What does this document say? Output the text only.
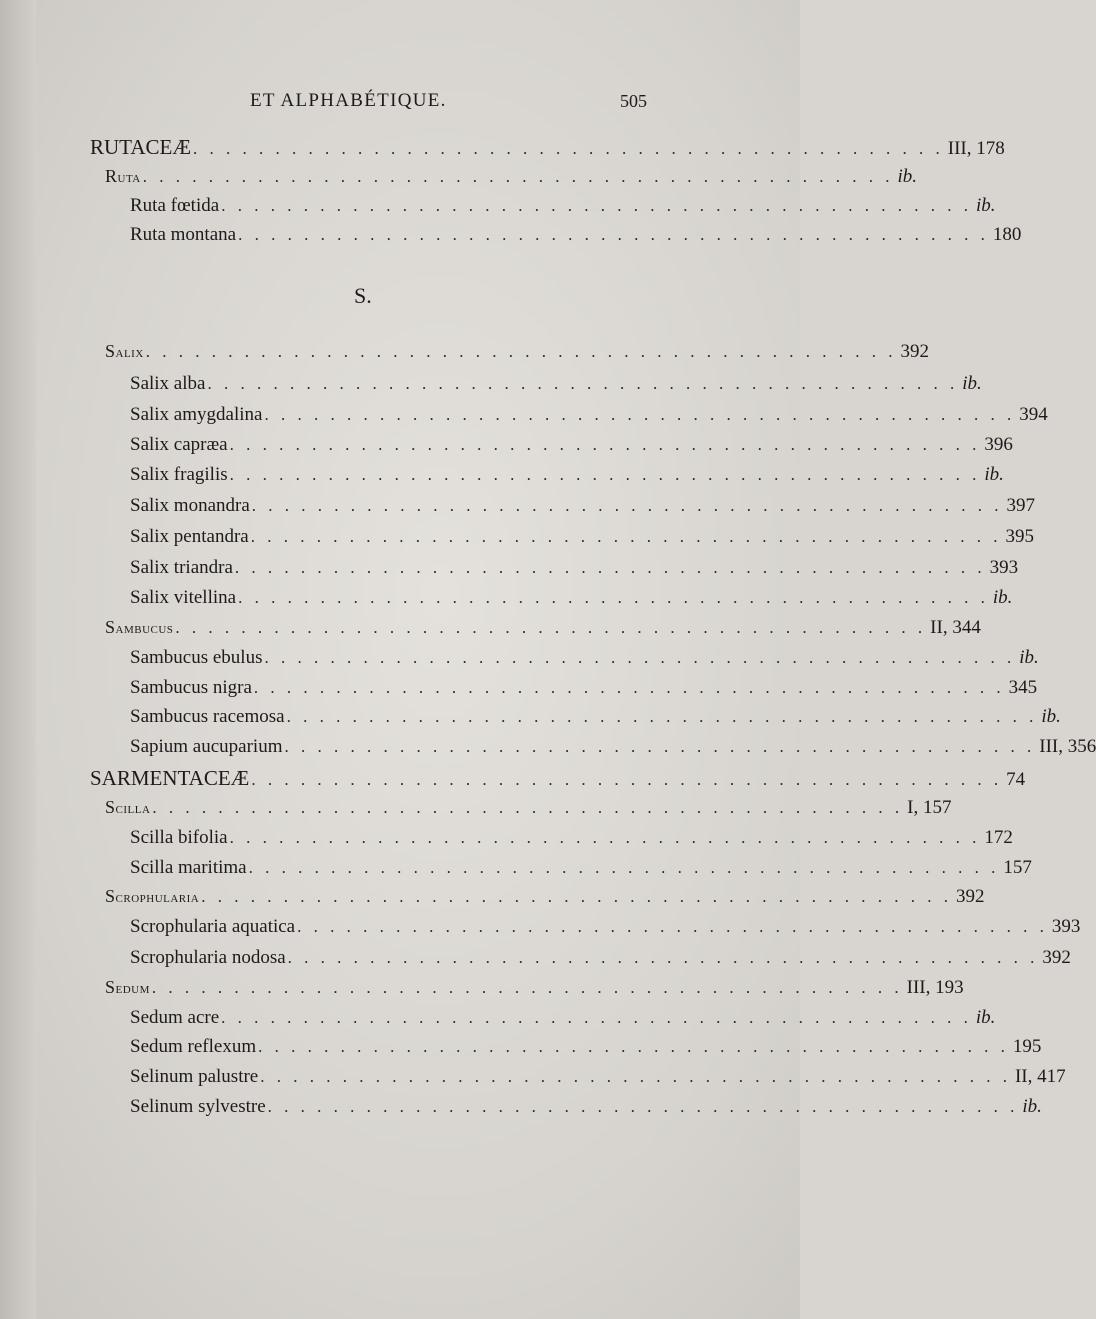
ET ALPHABÉTIQUE.	505
S.
RUTACEÆ . . . . . . . . . . . . . . . . . . . . . . . . . . . . . . . . . . . . . . . . . . . . . . III, 178
Ruta . . . . . . . . . . . . . . . . . . . . . . . . . . . . . . . . . . . . . . . . . . . . . . ib.
Ruta fœtida . . . . . . . . . . . . . . . . . . . . . . . . . . . . . . . . . . . . . . . . . . . . . . ib.
Ruta montana . . . . . . . . . . . . . . . . . . . . . . . . . . . . . . . . . . . . . . . . . . . . . . 180
Salix . . . . . . . . . . . . . . . . . . . . . . . . . . . . . . . . . . . . . . . . . . . . . . 392
Salix alba . . . . . . . . . . . . . . . . . . . . . . . . . . . . . . . . . . . . . . . . . . . . . . ib.
Salix amygdalina . . . . . . . . . . . . . . . . . . . . . . . . . . . . . . . . . . . . . . . . . . . . . . 394
Salix capræa . . . . . . . . . . . . . . . . . . . . . . . . . . . . . . . . . . . . . . . . . . . . . . 396
Salix fragilis . . . . . . . . . . . . . . . . . . . . . . . . . . . . . . . . . . . . . . . . . . . . . . ib.
Salix monandra . . . . . . . . . . . . . . . . . . . . . . . . . . . . . . . . . . . . . . . . . . . . . . 397
Salix pentandra . . . . . . . . . . . . . . . . . . . . . . . . . . . . . . . . . . . . . . . . . . . . . . 395
Salix triandra . . . . . . . . . . . . . . . . . . . . . . . . . . . . . . . . . . . . . . . . . . . . . . 393
Salix vitellina . . . . . . . . . . . . . . . . . . . . . . . . . . . . . . . . . . . . . . . . . . . . . . ib.
Sambucus . . . . . . . . . . . . . . . . . . . . . . . . . . . . . . . . . . . . . . . . . . . . . . II, 344
Sambucus ebulus . . . . . . . . . . . . . . . . . . . . . . . . . . . . . . . . . . . . . . . . . . . . . . ib.
Sambucus nigra . . . . . . . . . . . . . . . . . . . . . . . . . . . . . . . . . . . . . . . . . . . . . . 345
Sambucus racemosa . . . . . . . . . . . . . . . . . . . . . . . . . . . . . . . . . . . . . . . . . . . . . . ib.
Sapium aucuparium . . . . . . . . . . . . . . . . . . . . . . . . . . . . . . . . . . . . . . . . . . . . . . III, 356
SARMENTACEÆ . . . . . . . . . . . . . . . . . . . . . . . . . . . . . . . . . . . . . . . . . . . . . . 74
Scilla . . . . . . . . . . . . . . . . . . . . . . . . . . . . . . . . . . . . . . . . . . . . . . I, 157
Scilla bifolia . . . . . . . . . . . . . . . . . . . . . . . . . . . . . . . . . . . . . . . . . . . . . . 172
Scilla maritima . . . . . . . . . . . . . . . . . . . . . . . . . . . . . . . . . . . . . . . . . . . . . . 157
Scrophularia . . . . . . . . . . . . . . . . . . . . . . . . . . . . . . . . . . . . . . . . . . . . . . 392
Scrophularia aquatica . . . . . . . . . . . . . . . . . . . . . . . . . . . . . . . . . . . . . . . . . . . . . . 393
Scrophularia nodosa . . . . . . . . . . . . . . . . . . . . . . . . . . . . . . . . . . . . . . . . . . . . . . 392
Sedum . . . . . . . . . . . . . . . . . . . . . . . . . . . . . . . . . . . . . . . . . . . . . . III, 193
Sedum acre . . . . . . . . . . . . . . . . . . . . . . . . . . . . . . . . . . . . . . . . . . . . . . ib.
Sedum reflexum . . . . . . . . . . . . . . . . . . . . . . . . . . . . . . . . . . . . . . . . . . . . . . 195
Selinum palustre . . . . . . . . . . . . . . . . . . . . . . . . . . . . . . . . . . . . . . . . . . . . . . II, 417
Selinum sylvestre . . . . . . . . . . . . . . . . . . . . . . . . . . . . . . . . . . . . . . . . . . . . . . ib.
